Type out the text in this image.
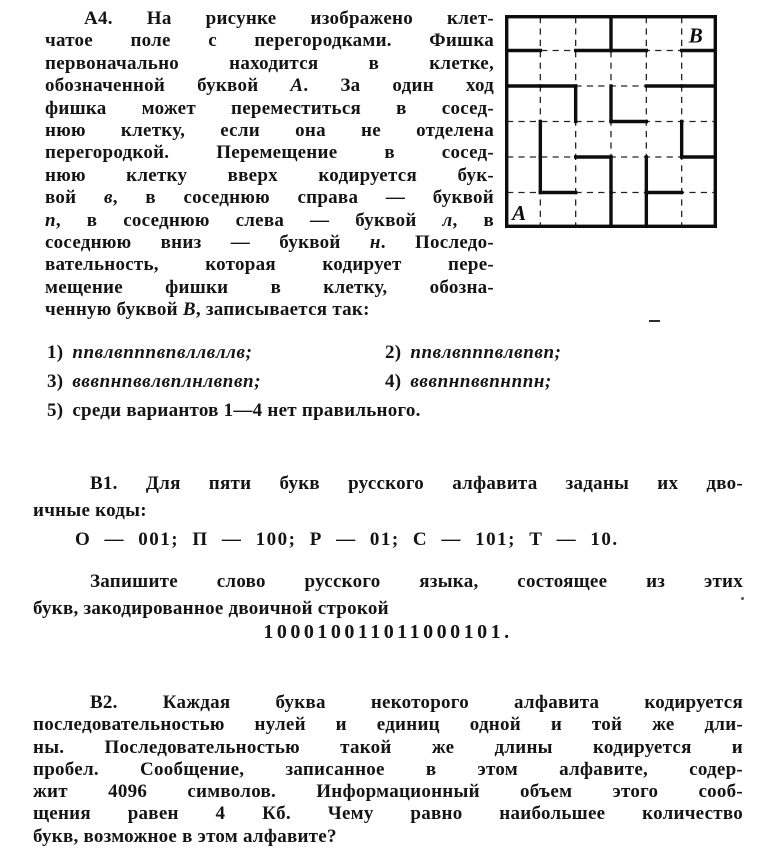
А4. На рисунке изображено клет-
чатое поле с перегородками. Фишка
первоначально находится в клетке,
обозначенной буквой А. За один ход
фишка может переместиться в сосед-
нюю клетку, если она не отделена
перегородкой. Перемещение в сосед-
нюю клетку вверх кодируется бук-
вой в, в соседнюю справа — буквой
п, в соседнюю слева — буквой л, в
соседнюю вниз — буквой н. Последо-
вательность, которая кодирует пере-
мещение фишки в клетку, обозна-
ченную буквой В, записывается так:
А
В
1) ппвлвпппвпвллвллв;	2) ппвлвпппвлвпвп;
3) вввпнпввлвплнлвпвп;	4) вввпнпввпнппн;
5) среди вариантов 1—4 нет правильного.
В1. Для пяти букв русского алфавита заданы их дво-
ичные коды:
О — 001; П — 100; Р — 01; С — 101; Т — 10.
Запишите слово русского языка, состоящее из этих
букв, закодированное двоичной строкой
100010011011000101.
В2. Каждая буква некоторого алфавита кодируется
последовательностью нулей и единиц одной и той же дли-
ны. Последовательностью такой же длины кодируется и
пробел. Сообщение, записанное в этом алфавите, содер-
жит 4096 символов. Информационный объем этого сооб-
щения равен 4 Кб. Чему равно наибольшее количество
букв, возможное в этом алфавите?
